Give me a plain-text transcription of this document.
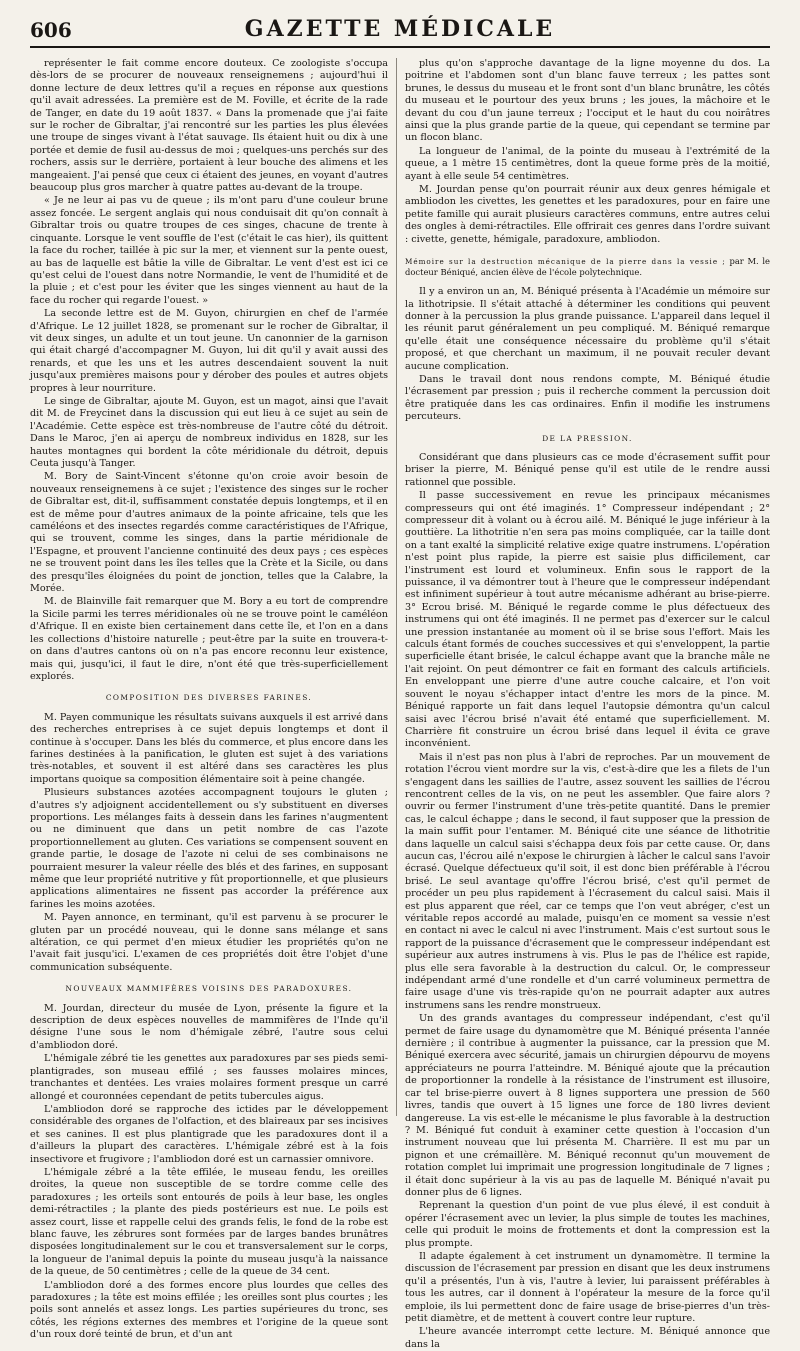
606	GAZETTE MÉDICALE

représenter le fait comme encore douteux. Ce zoologiste s'occupa dès-lors de se procurer de nouveaux renseignemens ; aujourd'hui il donne lecture de deux lettres qu'il a reçues en réponse aux questions qu'il avait adressées. La première est de M. Foville, et écrite de la rade de Tanger, en date du 19 août 1837. « Dans la promenade que j'ai faite sur le rocher de Gibraltar, j'ai rencontré sur les parties les plus élevées une troupe de singes vivant à l'état sauvage. Ils étaient huit ou dix à une portée et demie de fusil au-dessus de moi ; quelques-uns perchés sur des rochers, assis sur le derrière, portaient à leur bouche des alimens et les mangeaient. J'ai pensé que ceux ci étaient des jeunes, en voyant d'autres beaucoup plus gros marcher à quatre pattes au-devant de la troupe.

« Je ne leur ai pas vu de queue ; ils m'ont paru d'une couleur brune assez foncée. Le sergent anglais qui nous conduisait dit qu'on connaît à Gibraltar trois ou quatre troupes de ces singes, chacune de trente à cinquante. Lorsque le vent souffle de l'est (c'était le cas hier), ils quittent la face du rocher, taillée à pic sur la mer, et viennent sur la pente ouest, au bas de laquelle est bâtie la ville de Gibraltar. Le vent d'est est ici ce qu'est celui de l'ouest dans notre Normandie, le vent de l'humidité et de la pluie ; et c'est pour les éviter que les singes viennent au haut de la face du rocher qui regarde l'ouest. »

La seconde lettre est de M. Guyon, chirurgien en chef de l'armée d'Afrique. Le 12 juillet 1828, se promenant sur le rocher de Gibraltar, il vit deux singes, un adulte et un tout jeune. Un canonnier de la garnison qui était chargé d'accompagner M. Guyon, lui dit qu'il y avait aussi des renards, et que les uns et les autres descendaient souvent la nuit jusqu'aux premières maisons pour y dérober des poules et autres objets propres à leur nourriture.

Le singe de Gibraltar, ajoute M. Guyon, est un magot, ainsi que l'avait dit M. de Freycinet dans la discussion qui eut lieu à ce sujet au sein de l'Académie. Cette espèce est très-nombreuse de l'autre côté du détroit. Dans le Maroc, j'en ai aperçu de nombreux individus en 1828, sur les hautes montagnes qui bordent la côte méridionale du détroit, depuis Ceuta jusqu'à Tanger.

M. Bory de Saint-Vincent s'étonne qu'on croie avoir besoin de nouveaux renseignemens à ce sujet ; l'existence des singes sur le rocher de Gibraltar est, dit-il, suffisamment constatée depuis longtemps, et il en est de même pour d'autres animaux de la pointe africaine, tels que les caméléons et des insectes regardés comme caractéristiques de l'Afrique, qui se trouvent, comme les singes, dans la partie méridionale de l'Espagne, et prouvent l'ancienne continuité des deux pays ; ces espèces ne se trouvent point dans les îles telles que la Crète et la Sicile, ou dans des presqu'îles éloignées du point de jonction, telles que la Calabre, la Morée.

M. de Blainville fait remarquer que M. Bory a eu tort de comprendre la Sicile parmi les terres méridionales où ne se trouve point le caméléon d'Afrique. Il en existe bien certainement dans cette île, et l'on en a dans les collections d'histoire naturelle ; peut-être par la suite en trouvera-t-on dans d'autres cantons où on n'a pas encore reconnu leur existence, mais qui, jusqu'ici, il faut le dire, n'ont été que très-superficiellement explorés.

COMPOSITION DES DIVERSES FARINES.

M. Payen communique les résultats suivans auxquels il est arrivé dans des recherches entreprises à ce sujet depuis longtemps et dont il continue à s'occuper. Dans les blés du commerce, et plus encore dans les farines destinées à la panification, le gluten est sujet à des variations très-notables, et souvent il est altéré dans ses caractères les plus importans quoique sa composition élémentaire soit à peine changée.

Plusieurs substances azotées accompagnent toujours le gluten ; d'autres s'y adjoignent accidentellement ou s'y substituent en diverses proportions. Les mélanges faits à dessein dans les farines n'augmentent ou ne diminuent que dans un petit nombre de cas l'azote proportionnellement au gluten. Ces variations se compensent souvent en grande partie, le dosage de l'azote ni celui de ses combinaisons ne pourraient mesurer la valeur réelle des blés et des farines, en supposant même que leur propriété nutritive y fût proportionnelle, et que plusieurs applications alimentaires ne fissent pas accorder la préférence aux farines les moins azotées.

M. Payen annonce, en terminant, qu'il est parvenu à se procurer le gluten par un procédé nouveau, qui le donne sans mélange et sans altération, ce qui permet d'en mieux étudier les propriétés qu'on ne l'avait fait jusqu'ici. L'examen de ces propriétés doit être l'objet d'une communication subséquente.

NOUVEAUX MAMMIFÈRES VOISINS DES PARADOXURES.

M. Jourdan, directeur du musée de Lyon, présente la figure et la description de deux espèces nouvelles de mammifères de l'Inde qu'il désigne l'une sous le nom d'hémigale zébré, l'autre sous celui d'ambliodon doré.

L'hémigale zébré tie les genettes aux paradoxures par ses pieds semi-plantigrades, son museau effilé ; ses fausses molaires minces, tranchantes et dentées. Les vraies molaires forment presque un carré allongé et couronnées cependant de petits tubercules aigus.

L'ambliodon doré se rapproche des ictides par le développement considérable des organes de l'olfaction, et des blaireaux par ses incisives et ses canines. Il est plus plantigrade que les paradoxures dont il a d'ailleurs la plupart des caractères. L'hémigale zébré est à la fois insectivore et frugivore ; l'ambliodon doré est un carnassier omnivore.

L'hémigale zébré a la tête effilée, le museau fendu, les oreilles droites, la queue non susceptible de se tordre comme celle des paradoxures ; les orteils sont entourés de poils à leur base, les ongles demi-rétractiles ; la plante des pieds postérieurs est nue. Le poils est assez court, lisse et rappelle celui des grands felis, le fond de la robe est blanc fauve, les zébrures sont formées par de larges bandes brunâtres disposées longitudinalement sur le cou et transversalement sur le corps, la longueur de l'animal depuis la pointe du museau jusqu'à la naissance de la queue, de 50 centimètres ; celle de la queue de 34 cent.

L'ambliodon doré a des formes encore plus lourdes que celles des paradoxures ; la tête est moins effilée ; les oreilles sont plus courtes ; les poils sont annelés et assez longs. Les parties supérieures du tronc, ses côtés, les régions externes des membres et l'origine de la queue sont d'un roux doré teinté de brun, et d'un ant

plus qu'on s'approche davantage de la ligne moyenne du dos. La poitrine et l'abdomen sont d'un blanc fauve terreux ; les pattes sont brunes, le dessus du museau et le front sont d'un blanc brunâtre, les côtés du museau et le pourtour des yeux bruns ; les joues, la mâchoire et le devant du cou d'un jaune terreux ; l'occiput et le haut du cou noirâtres ainsi que la plus grande partie de la queue, qui cependant se termine par un flocon blanc.

La longueur de l'animal, de la pointe du museau à l'extrémité de la queue, a 1 mètre 15 centimètres, dont la queue forme près de la moitié, ayant à elle seule 54 centimètres.

M. Jourdan pense qu'on pourrait réunir aux deux genres hémigale et ambliodon les civettes, les genettes et les paradoxures, pour en faire une petite famille qui aurait plusieurs caractères communs, entre autres celui des ongles à demi-rétractiles. Elle offrirait ces genres dans l'ordre suivant : civette, genette, hémigale, paradoxure, ambliodon.

Mémoire sur la destruction mécanique de la pierre dans la vessie ; par M. le docteur Béniqué, ancien élève de l'école polytechnique.

Il y a environ un an, M. Béniqué présenta à l'Académie un mémoire sur la lithotripsie. Il s'était attaché à déterminer les conditions qui peuvent donner à la percussion la plus grande puissance. L'appareil dans lequel il les réunit parut généralement un peu compliqué. M. Béniqué remarque qu'elle était une conséquence nécessaire du problème qu'il s'était proposé, et que cherchant un maximum, il ne pouvait reculer devant aucune complication.

Dans le travail dont nous rendons compte, M. Béniqué étudie l'écrasement par pression ; puis il recherche comment la percussion doit être pratiquée dans les cas ordinaires. Enfin il modifie les instrumens percuteurs.

DE LA PRESSION.

Considérant que dans plusieurs cas ce mode d'écrasement suffit pour briser la pierre, M. Béniqué pense qu'il est utile de le rendre aussi rationnel que possible.

Il passe successivement en revue les principaux mécanismes compresseurs qui ont été imaginés. 1° Compresseur indépendant ; 2° compresseur dit à volant ou à écrou ailé. M. Béniqué le juge inférieur à la gouttière. La lithotritie n'en sera pas moins compliquée, car la taille dont on a tant exalté la simplicité relative exige quatre instrumens. L'opération n'est point plus rapide, la pierre est saisie plus difficilement, car l'instrument est lourd et volumineux. Enfin sous le rapport de la puissance, il va démontrer tout à l'heure que le compresseur indépendant est infiniment supérieur à tout autre mécanisme adhérant au brise-pierre. 3° Ecrou brisé. M. Béniqué le regarde comme le plus défectueux des instrumens qui ont été imaginés. Il ne permet pas d'exercer sur le calcul une pression instantanée au moment où il se brise sous l'effort. Mais les calculs étant formés de couches successives et qui s'enveloppent, la partie superficielle étant brisée, le calcul échappe avant que la branche mâle ne l'ait rejoint. On peut démontrer ce fait en formant des calculs artificiels. En enveloppant une pierre d'une autre couche calcaire, et l'on voit souvent le noyau s'échapper intact d'entre les mors de la pince. M. Béniqué rapporte un fait dans lequel l'autopsie démontra qu'un calcul saisi avec l'écrou brisé n'avait été entamé que superficiellement. M. Charrière fit construire un écrou brisé dans lequel il évita ce grave inconvénient.

Mais il n'est pas non plus à l'abri de reproches. Par un mouvement de rotation l'écrou vient mordre sur la vis, c'est-à-dire que les a filets de l'un s'engagent dans les saillies de l'autre, assez souvent les saillies de l'écrou rencontrent celles de la vis, on ne peut les assembler. Que faire alors ? ouvrir ou fermer l'instrument d'une très-petite quantité. Dans le premier cas, le calcul échappe ; dans le second, il faut supposer que la pression de la main suffit pour l'entamer. M. Béniqué cite une séance de lithotritie dans laquelle un calcul saisi s'échappa deux fois par cette cause. Or, dans aucun cas, l'écrou ailé n'expose le chirurgien à lâcher le calcul sans l'avoir écrasé. Quelque défectueux qu'il soit, il est donc bien préférable à l'écrou brisé. Le seul avantage qu'offre l'écrou brisé, c'est qu'il permet de procéder un peu plus rapidement à l'écrasement du calcul saisi. Mais il est plus apparent que réel, car ce temps que l'on veut abréger, c'est un véritable repos accordé au malade, puisqu'en ce moment sa vessie n'est en contact ni avec le calcul ni avec l'instrument. Mais c'est surtout sous le rapport de la puissance d'écrasement que le compresseur indépendant est supérieur aux autres instrumens à vis. Plus le pas de l'hélice est rapide, plus elle sera favorable à la destruction du calcul. Or, le compresseur indépendant armé d'une rondelle et d'un carré volumineux permettra de faire usage d'une vis très-rapide qu'on ne pourrait adapter aux autres instrumens sans les rendre monstrueux.

Un des grands avantages du compresseur indépendant, c'est qu'il permet de faire usage du dynamomètre que M. Béniqué présenta l'année dernière ; il contribue à augmenter la puissance, car la pression que M. Béniqué exercera avec sécurité, jamais un chirurgien dépourvu de moyens appréciateurs ne pourra l'atteindre. M. Béniqué ajoute que la précaution de proportionner la rondelle à la résistance de l'instrument est illusoire, car tel brise-pierre ouvert à 8 lignes supportera une pression de 560 livres, tandis que ouvert à 15 lignes une force de 180 livres devient dangereuse. La vis est-elle le mécanisme le plus favorable à la destruction ? M. Béniqué fut conduit à examiner cette question à l'occasion d'un instrument nouveau que lui présenta M. Charrière. Il est mu par un pignon et une crémaillère. M. Béniqué reconnut qu'un mouvement de rotation complet lui imprimait une progression longitudinale de 7 lignes ; il était donc supérieur à la vis au pas de laquelle M. Béniqué n'avait pu donner plus de 6 lignes.

Reprenant la question d'un point de vue plus élevé, il est conduit à opérer l'écrasement avec un levier, la plus simple de toutes les machines, celle qui produit le moins de frottements et dont la compression est la plus prompte.

Il adapte également à cet instrument un dynamomètre. Il termine la discussion de l'écrasement par pression en disant que les deux instrumens qu'il a présentés, l'un à vis, l'autre à levier, lui paraissent préférables à tous les autres, car il donnent à l'opérateur la mesure de la force qu'il emploie, ils lui permettent donc de faire usage de brise-pierres d'un très-petit diamètre, et de mettent à couvert contre leur rupture.

L'heure avancée interrompt cette lecture. M. Béniqué annonce que dans la
